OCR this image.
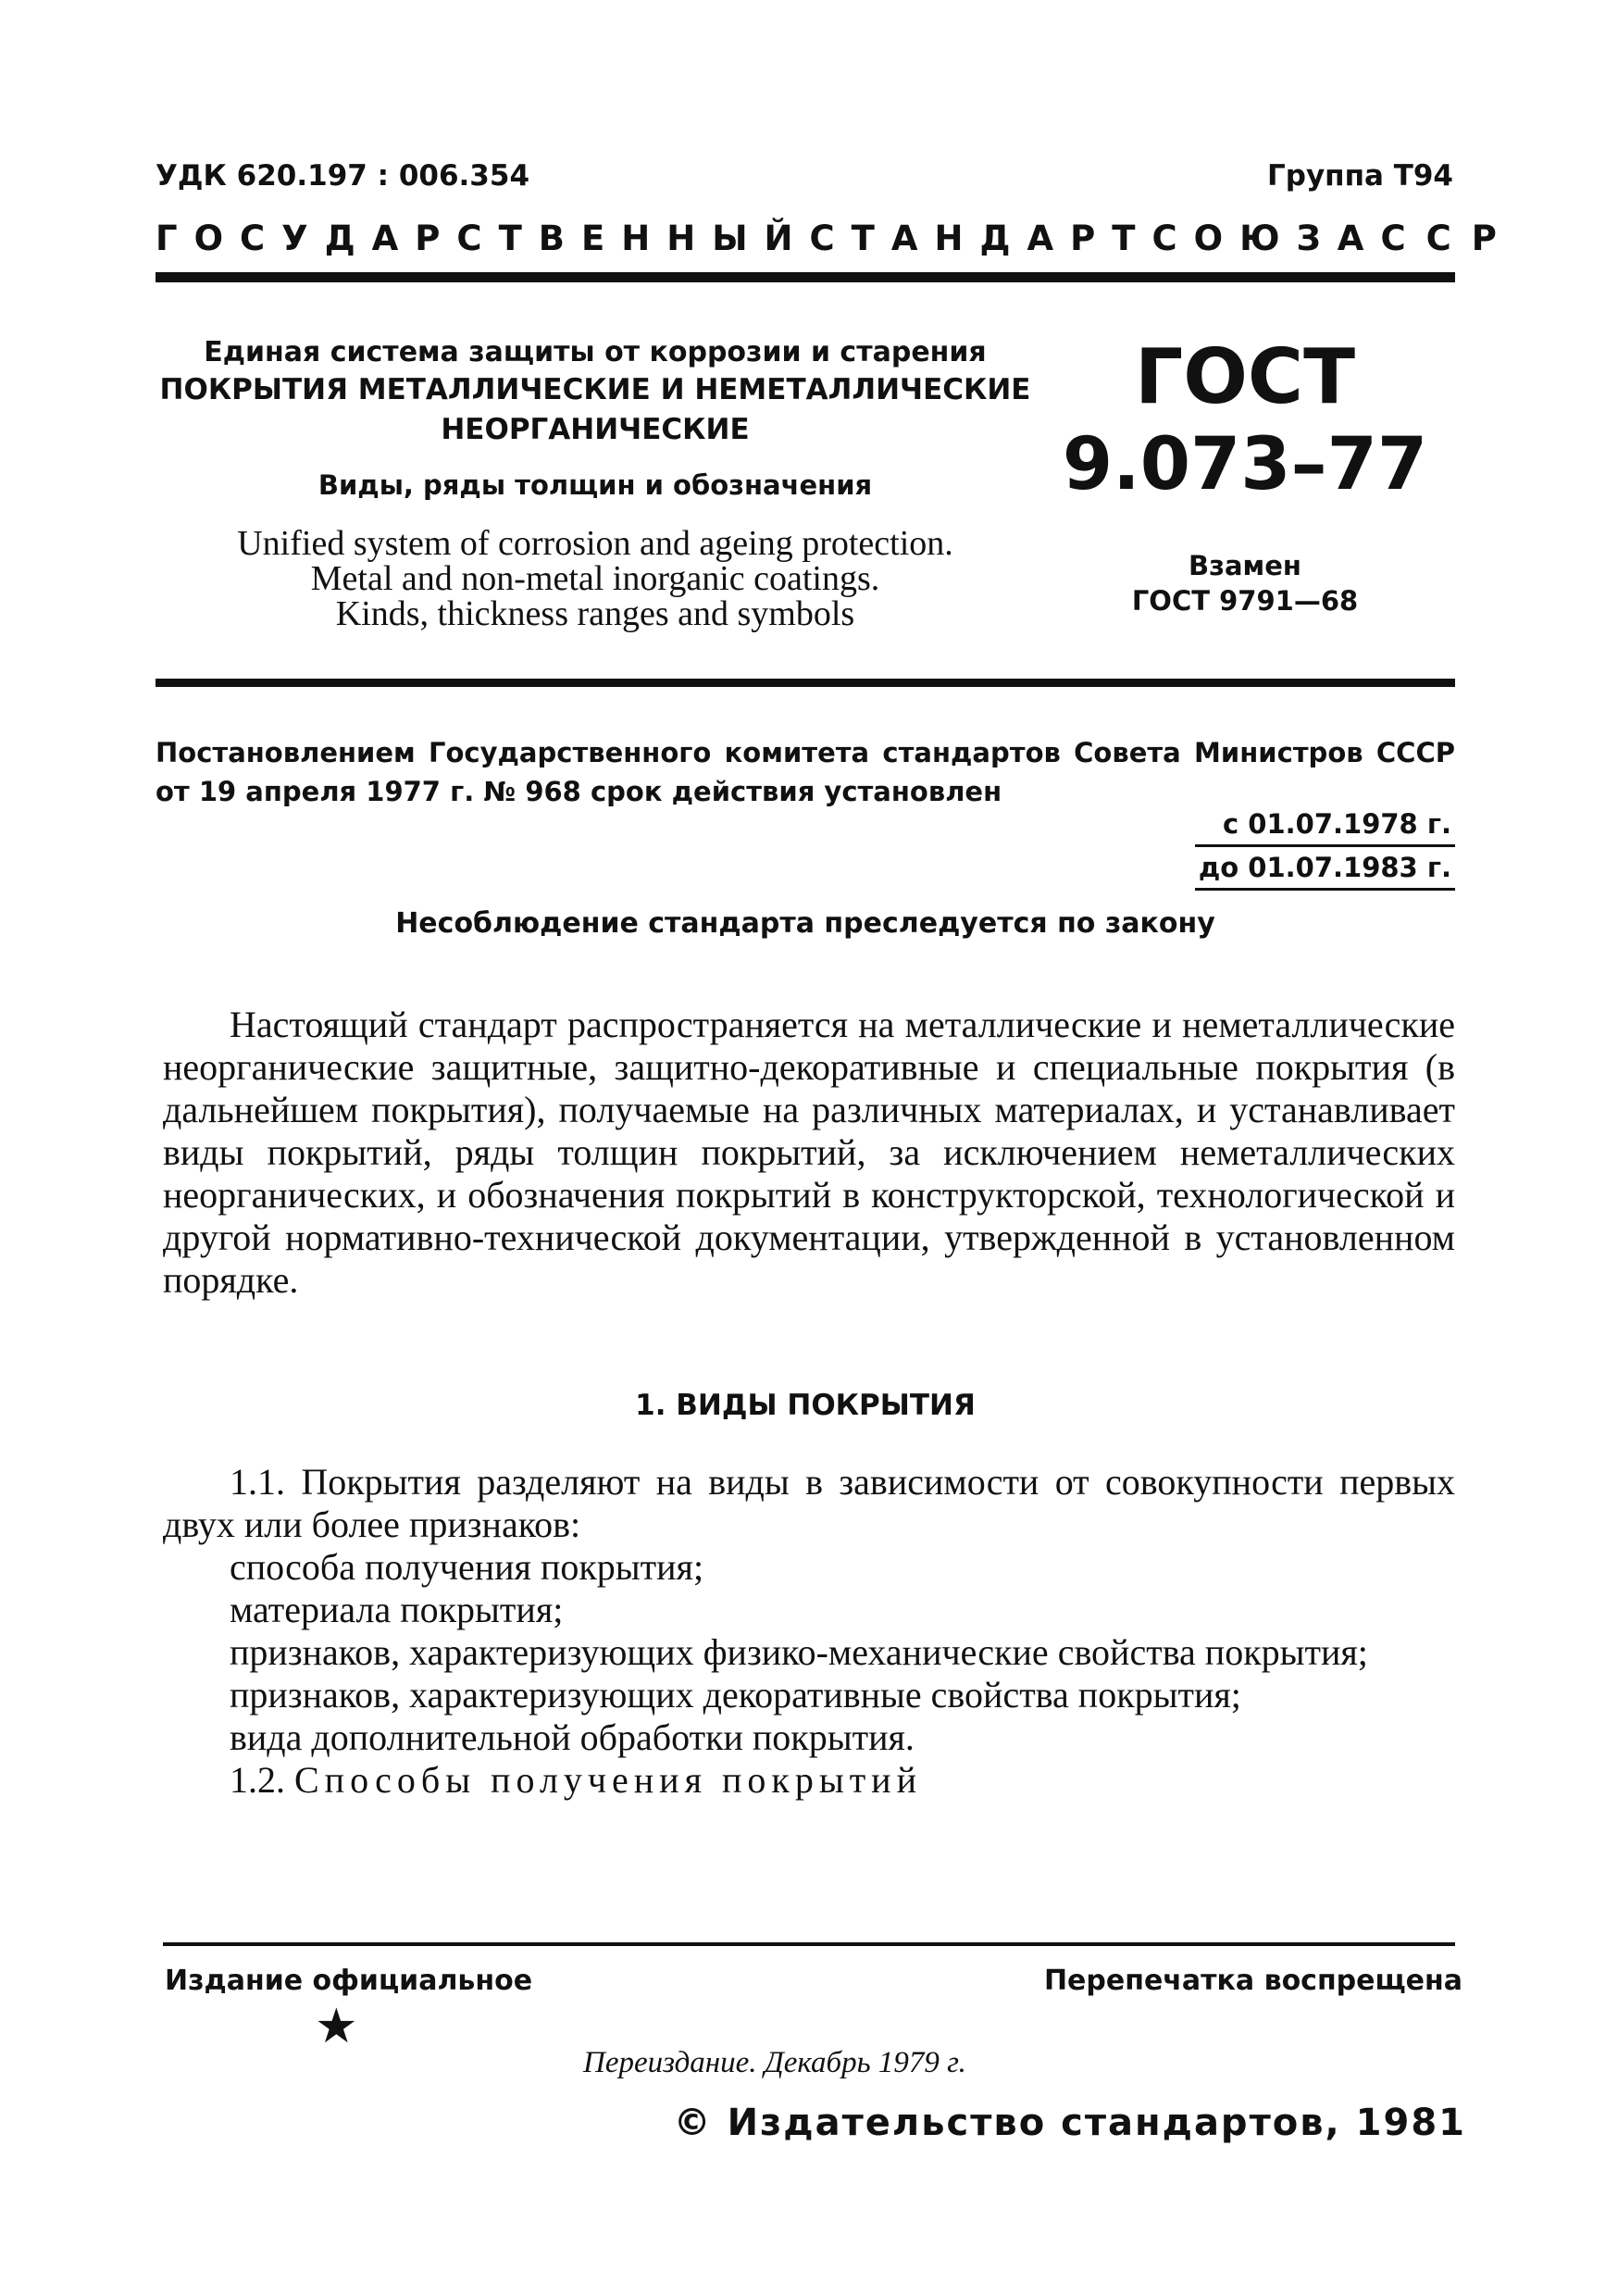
УДК 620.197 : 006.354	Группа Т94
ГОСУДАРСТВЕННЫЙ СТАНДАРТ СОЮЗА ССР
Единая система защиты от коррозии и старения
ПОКРЫТИЯ МЕТАЛЛИЧЕСКИЕ И НЕМЕТАЛЛИЧЕСКИЕ
НЕОРГАНИЧЕСКИЕ
Виды, ряды толщин и обозначения
Unified system of corrosion and ageing protection.
Metal and non-metal inorganic coatings.
Kinds, thickness ranges and symbols
ГОСТ
9.073–77
Взамен
ГОСТ 9791—68
Постановлением Государственного комитета стандартов Совета Министров СССР от 19 апреля 1977 г. № 968 срок действия установлен
с 01.07.1978 г.
до 01.07.1983 г.
Несоблюдение стандарта преследуется по закону
Настоящий стандарт распространяется на металлические и неметаллические неорганические защитные, защитно-декоративные и специальные покрытия (в дальнейшем покрытия), получаемые на различных материалах, и устанавливает виды покрытий, ряды толщин покрытий, за исключением неметаллических неорганических, и обозначения покрытий в конструкторской, технологической и другой нормативно-технической документации, утвержденной в установленном порядке.
1. ВИДЫ ПОКРЫТИЯ
1.1. Покрытия разделяют на виды в зависимости от совокупности первых двух или более признаков:
способа получения покрытия;
материала покрытия;
признаков, характеризующих физико-механические свойства покрытия;
признаков, характеризующих декоративные свойства покрытия;
вида дополнительной обработки покрытия.
1.2. Способы получения покрытий
Издание официальное	Перепечатка воспрещена
★
Переиздание. Декабрь 1979 г.
© Издательство стандартов, 1981
